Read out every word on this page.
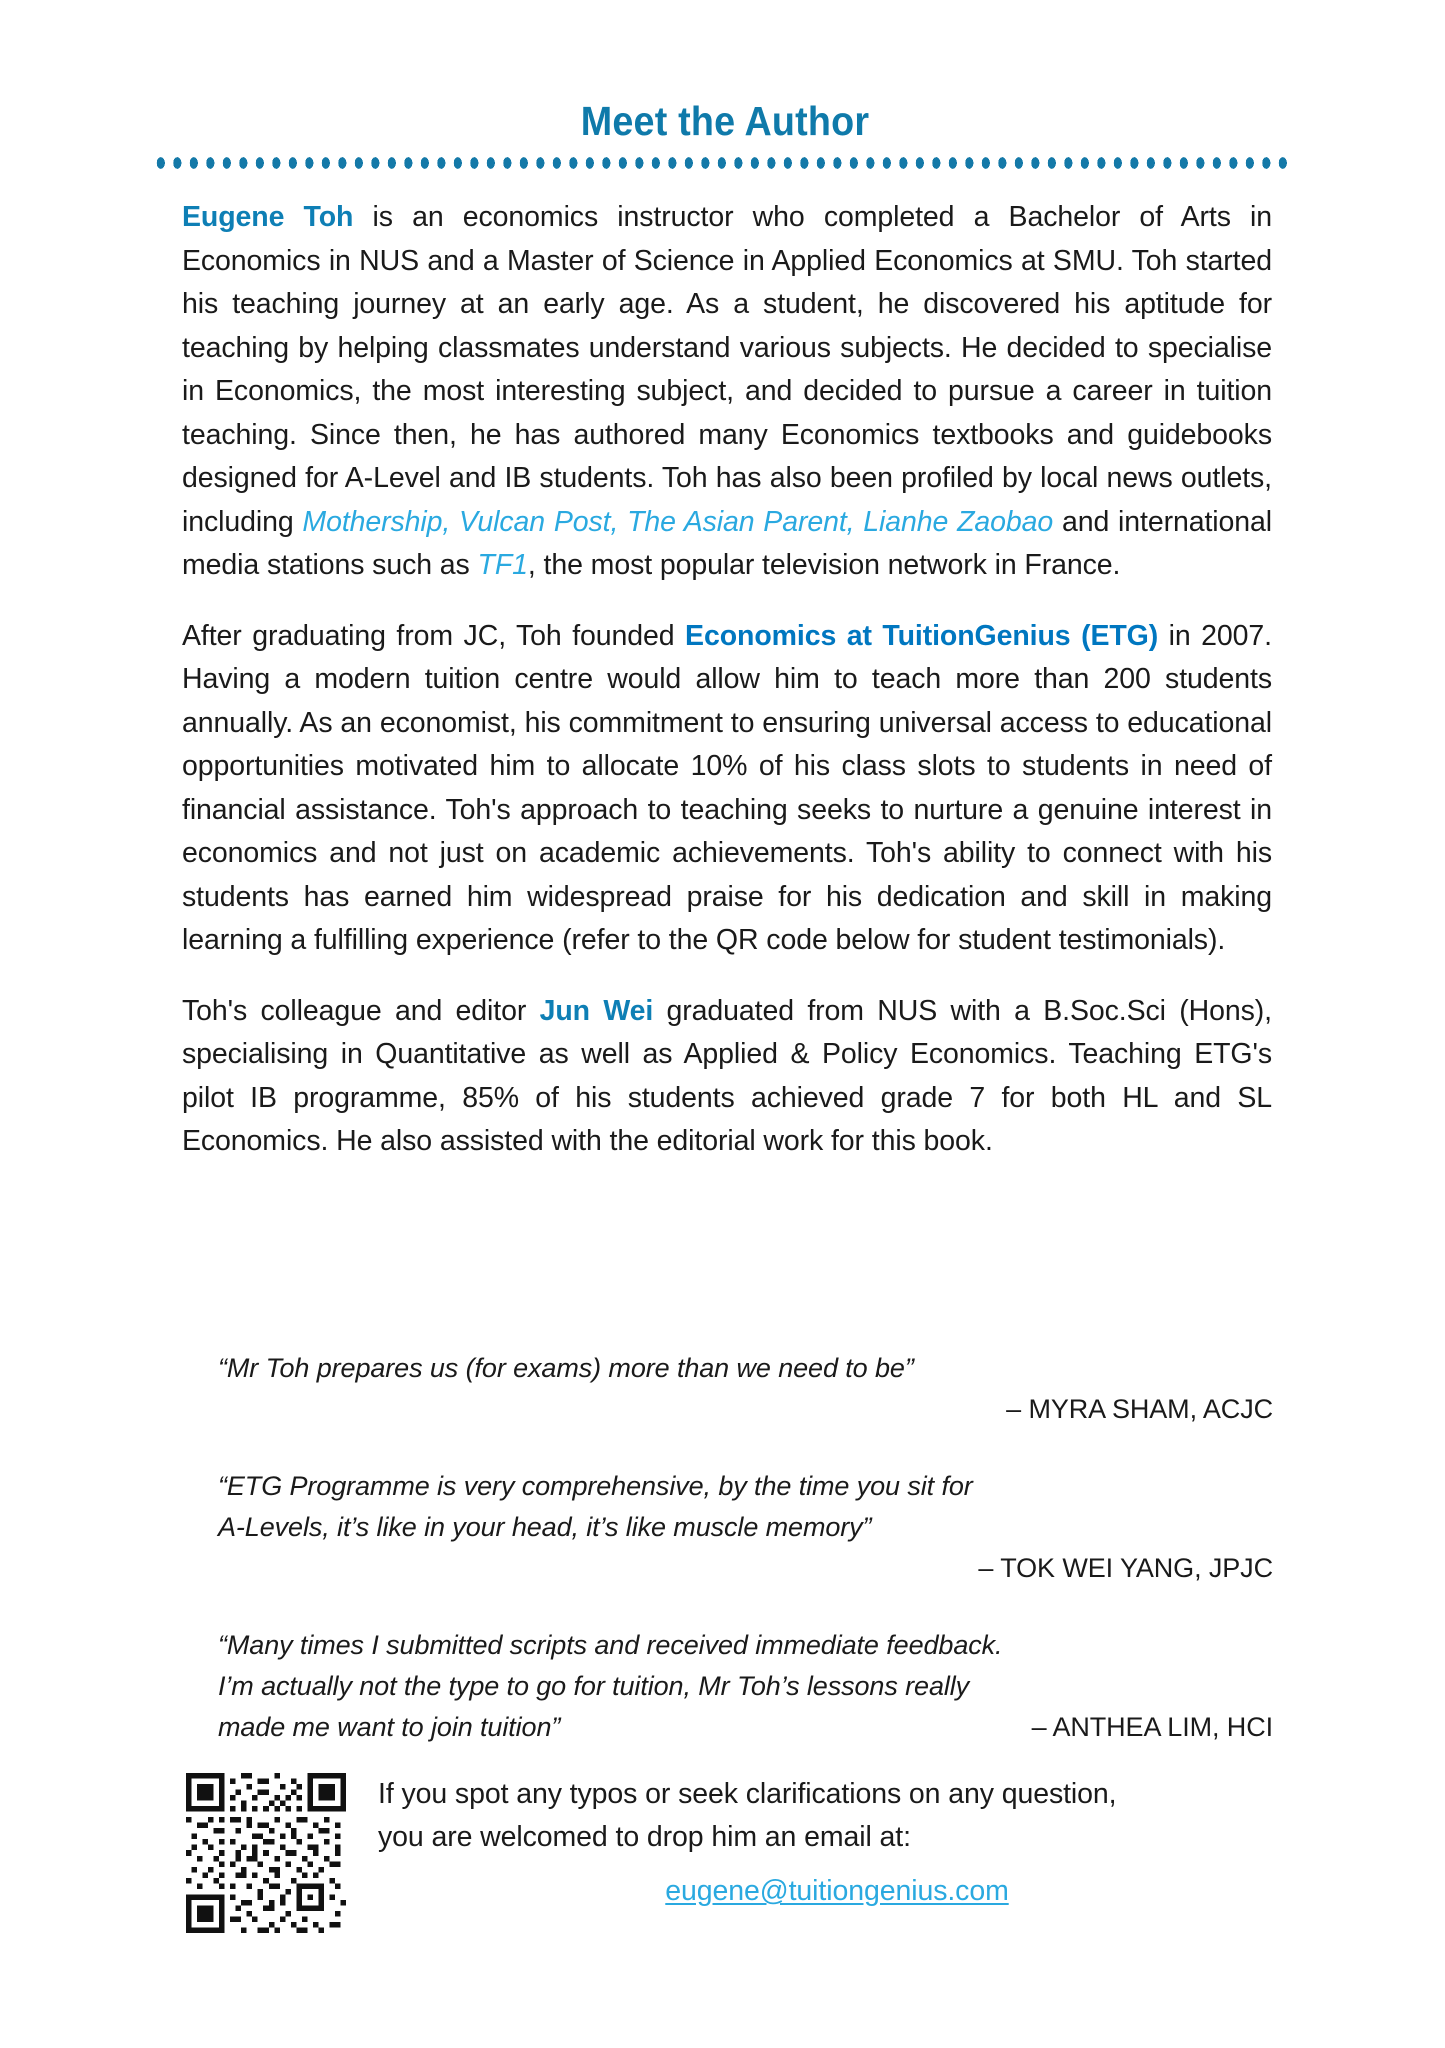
Meet the Author

Eugene Toh is an economics instructor who completed a Bachelor of Arts in Economics in NUS and a Master of Science in Applied Economics at SMU. Toh started his teaching journey at an early age. As a student, he discovered his aptitude for teaching by helping classmates understand various subjects. He decided to specialise in Economics, the most interesting subject, and decided to pursue a career in tuition teaching. Since then, he has authored many Economics textbooks and guidebooks designed for A-Level and IB students. Toh has also been profiled by local news outlets, including Mothership, Vulcan Post, The Asian Parent, Lianhe Zaobao and international media stations such as TF1, the most popular television network in France.

After graduating from JC, Toh founded Economics at TuitionGenius (ETG) in 2007. Having a modern tuition centre would allow him to teach more than 200 students annually. As an economist, his commitment to ensuring universal access to educational opportunities motivated him to allocate 10% of his class slots to students in need of financial assistance. Toh's approach to teaching seeks to nurture a genuine interest in economics and not just on academic achievements. Toh's ability to connect with his students has earned him widespread praise for his dedication and skill in making learning a fulfilling experience (refer to the QR code below for student testimonials).

Toh's colleague and editor Jun Wei graduated from NUS with a B.Soc.Sci (Hons), specialising in Quantitative as well as Applied & Policy Economics. Teaching ETG's pilot IB programme, 85% of his students achieved grade 7 for both HL and SL Economics. He also assisted with the editorial work for this book.

“Mr Toh prepares us (for exams) more than we need to be”
– MYRA SHAM, ACJC
“ETG Programme is very comprehensive, by the time you sit for
A-Levels, it’s like in your head, it’s like muscle memory”
– TOK WEI YANG, JPJC
“Many times I submitted scripts and received immediate feedback.
I’m actually not the type to go for tuition, Mr Toh’s lessons really
made me want to join tuition”	– ANTHEA LIM, HCI
If you spot any typos or seek clarifications on any question,
you are welcomed to drop him an email at:
eugene@tuitiongenius.com
